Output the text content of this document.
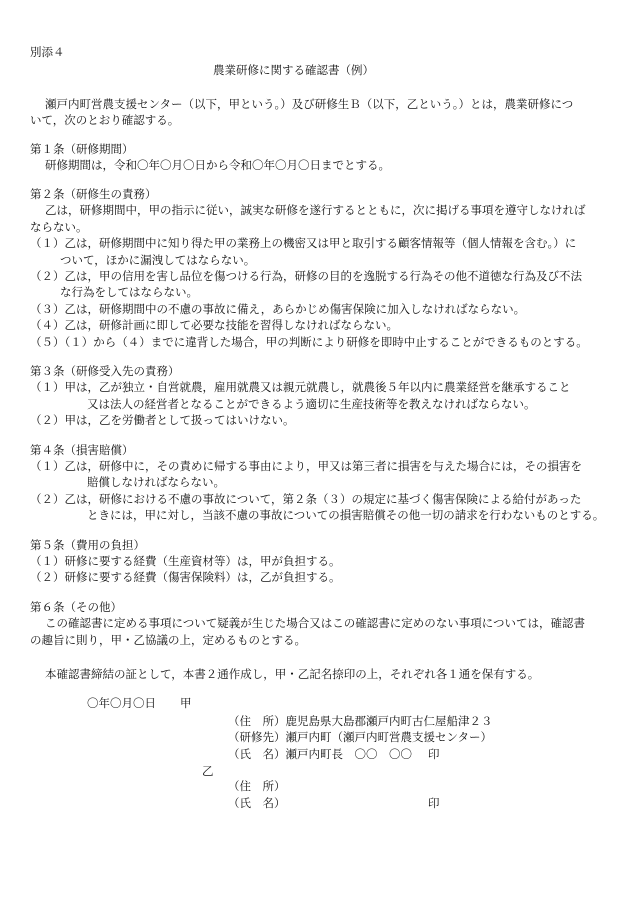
別添４
農業研修に関する確認書（例）
瀬戸内町営農支援センター（以下，甲という。）及び研修生Ｂ（以下，乙という。）とは，農業研修につ
いて，次のとおり確認する。
第１条（研修期間）
研修期間は，令和〇年〇月〇日から令和〇年〇月〇日までとする。
第２条（研修生の責務）
乙は，研修期間中，甲の指示に従い，誠実な研修を遂行するとともに，次に掲げる事項を遵守しなければ
ならない。
（１）乙は，研修期間中に知り得た甲の業務上の機密又は甲と取引する顧客情報等（個人情報を含む。）に
ついて，ほかに漏洩してはならない。
（２）乙は，甲の信用を害し品位を傷つける行為，研修の目的を逸脱する行為その他不道徳な行為及び不法
な行為をしてはならない。
（３）乙は，研修期間中の不慮の事故に備え，あらかじめ傷害保険に加入しなければならない。
（４）乙は，研修計画に即して必要な技能を習得しなければならない。
（５）（１）から（４）までに違背した場合，甲の判断により研修を即時中止することができるものとする。
第３条（研修受入先の責務）
（１）甲は，乙が独立・自営就農，雇用就農又は親元就農し，就農後５年以内に農業経営を継承すること
又は法人の経営者となることができるよう適切に生産技術等を教えなければならない。
（２）甲は，乙を労働者として扱ってはいけない。
第４条（損害賠償）
（１）乙は，研修中に，その責めに帰する事由により，甲又は第三者に損害を与えた場合には，その損害を
賠償しなければならない。
（２）乙は，研修における不慮の事故について，第２条（３）の規定に基づく傷害保険による給付があった
ときには，甲に対し，当該不慮の事故についての損害賠償その他一切の請求を行わないものとする。
第５条（費用の負担）
（１）研修に要する経費（生産資材等）は，甲が負担する。
（２）研修に要する経費（傷害保険料）は，乙が負担する。
第６条（その他）
この確認書に定める事項について疑義が生じた場合又はこの確認書に定めのない事項については，確認書
の趣旨に則り，甲・乙協議の上，定めるものとする。
本確認書締結の証として，本書２通作成し，甲・乙記名捺印の上，それぞれ各１通を保有する。
〇年〇月〇日 甲
（住　所）鹿児島県大島郡瀬戸内町古仁屋船津２３
（研修先）瀬戸内町（瀬戸内町営農支援センター）
（氏　名）瀬戸内町長　〇〇　〇〇 印
乙
（住　所）
（氏　名）	印
